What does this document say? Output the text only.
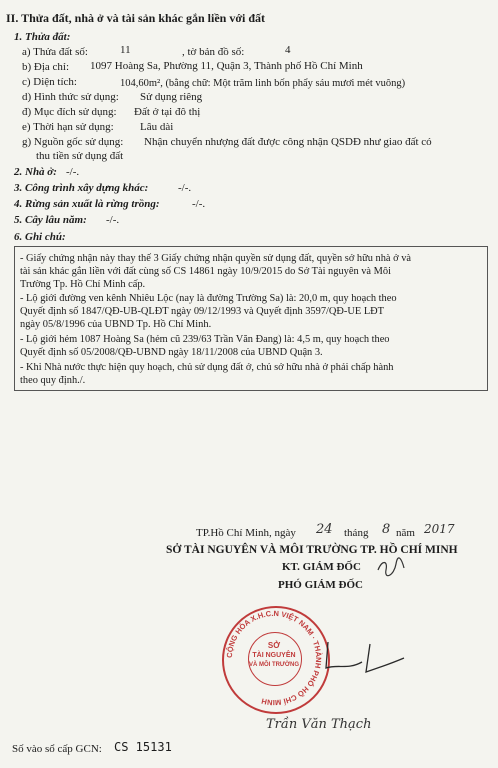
II. Thửa đất, nhà ở và tài sản khác gắn liền với đất
1. Thửa đất:
a) Thửa đất số:	11	, tờ bản đồ số:	4
b) Địa chỉ: 1097 Hoàng Sa, Phường 11, Quận 3, Thành phố Hồ Chí Minh
c) Diện tích:	104,60m², (bằng chữ: Một trăm linh bốn phẩy sáu mươi mét vuông)
d) Hình thức sử dụng: Sử dụng riêng
đ) Mục đích sử dụng: Đất ở tại đô thị
e) Thời hạn sử dụng: Lâu dài
g) Nguồn gốc sử dụng: Nhận chuyển nhượng đất được công nhận QSDĐ như giao đất có
thu tiền sử dụng đất
2. Nhà ở: -/-.
3. Công trình xây dựng khác:	-/-.
4. Rừng sản xuất là rừng trồng:	-/-.
5. Cây lâu năm: -/-.
6. Ghi chú:
- Giấy chứng nhận này thay thế 3 Giấy chứng nhận quyền sử dụng đất, quyền sở hữu nhà ở và
tài sản khác gắn liền với đất cùng số CS 14861 ngày 10/9/2015 do Sở Tài nguyên và Môi
Trường Tp. Hồ Chí Minh cấp.
- Lộ giới đường ven kênh Nhiêu Lộc (nay là đường Trường Sa) là: 20,0 m, quy hoạch theo
Quyết định số 1847/QĐ-UB-QLĐT ngày 09/12/1993 và Quyết định 3597/QĐ-UE LĐT
ngày 05/8/1996 của UBND Tp. Hồ Chí Minh.
- Lộ giới hẻm 1087 Hoàng Sa (hẻm cũ 239/63 Trần Văn Đang) là: 4,5 m, quy hoạch theo
Quyết định số 05/2008/QĐ-UBND ngày 18/11/2008 của UBND Quận 3.
- Khi Nhà nước thực hiện quy hoạch, chủ sử dụng đất ở, chủ sở hữu nhà ở phải chấp hành
theo quy định./.
TP.Hồ Chí Minh, ngày 24 tháng 8 năm 2017
SỞ TÀI NGUYÊN VÀ MÔI TRƯỜNG TP. HỒ CHÍ MINH
KT. GIÁM ĐỐC
PHÓ GIÁM ĐỐC
CỘNG HÒA X.H.C.N VIỆT NAM · THÀNH PHỐ HỒ CHÍ MINH
SỞ
TÀI NGUYÊN
VÀ MÔI TRƯỜNG
Trần Văn Thạch
Số vào sổ cấp GCN: CS 15131
